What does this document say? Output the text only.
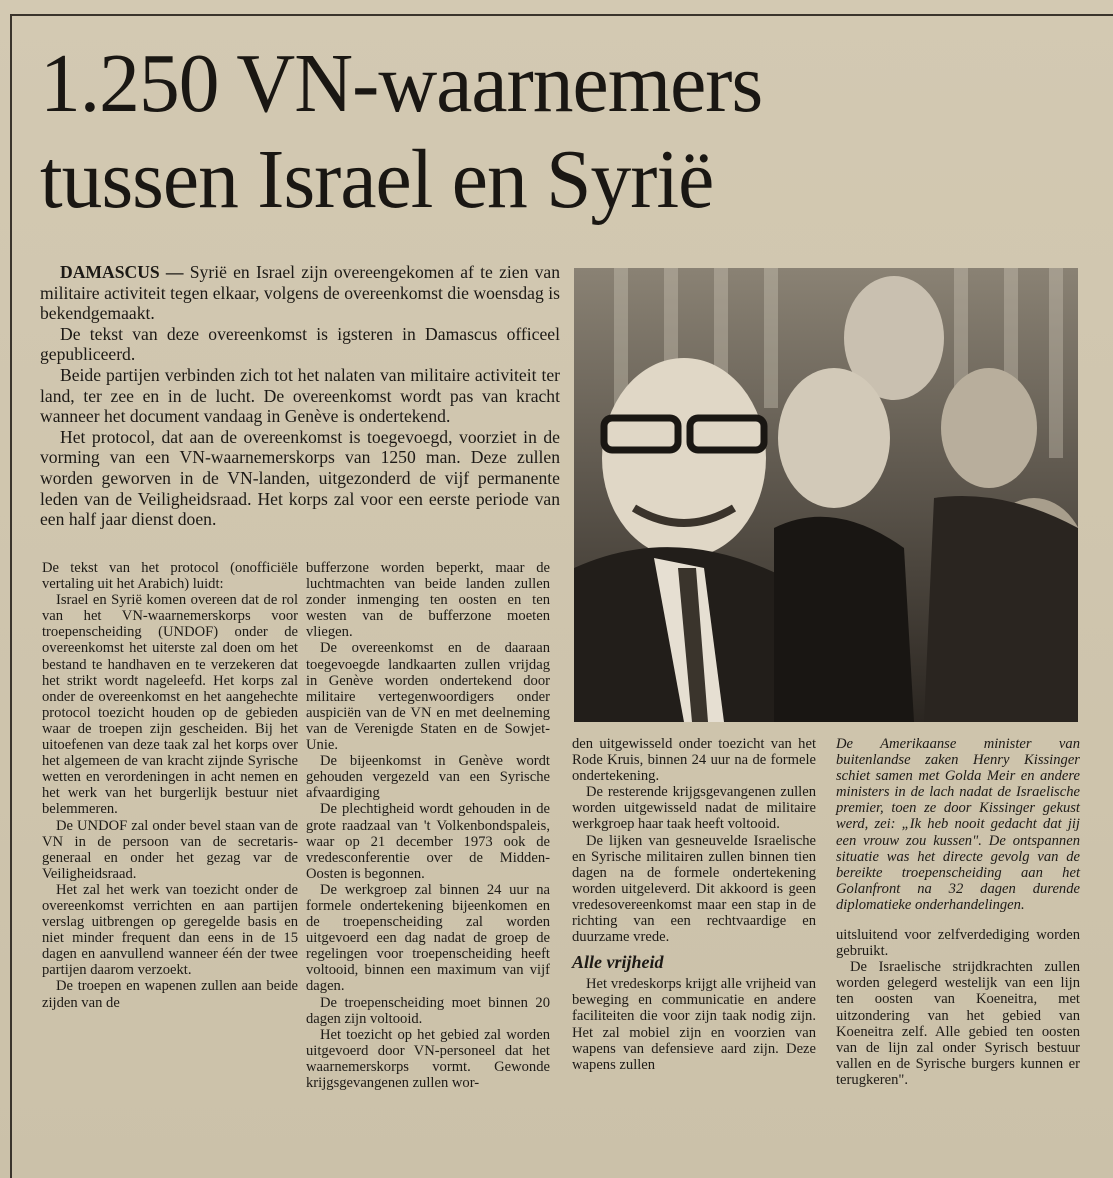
1.250 VN-waarnemers
tussen Israel en Syrië

DAMASCUS — Syrië en Israel zijn overeengekomen af te zien van militaire activiteit tegen elkaar, volgens de overeenkomst die woensdag is bekendgemaakt.

De tekst van deze overeenkomst is igsteren in Damascus officeel gepubliceerd.

Beide partijen verbinden zich tot het nalaten van militaire activiteit ter land, ter zee en in de lucht. De overeenkomst wordt pas van kracht wanneer het document vandaag in Genève is ondertekend.

Het protocol, dat aan de overeenkomst is toegevoegd, voorziet in de vorming van een VN-waarnemerskorps van 1250 man. Deze zullen worden geworven in de VN-landen, uitgezonderd de vijf permanente leden van de Veiligheidsraad. Het korps zal voor een eerste periode van een half jaar dienst doen.

De tekst van het protocol (onofficiële vertaling uit het Arabich) luidt:

Israel en Syrië komen overeen dat de rol van het VN-waarnemerskorps voor troepenscheiding (UNDOF) onder de overeenkomst het uiterste zal doen om het bestand te handhaven en te verzekeren dat het strikt wordt nageleefd. Het korps zal onder de overeenkomst en het aangehechte protocol toezicht houden op de gebieden waar de troepen zijn gescheiden. Bij het uitoefenen van deze taak zal het korps over het algemeen de van kracht zijnde Syrische wetten en verordeningen in acht nemen en het werk van het burgerlijk bestuur niet belemmeren.

De UNDOF zal onder bevel staan van de VN in de persoon van de secretaris-generaal en onder het gezag var de Veiligheidsraad.

Het zal het werk van toezicht onder de overeenkomst verrichten en aan partijen verslag uitbrengen op geregelde basis en niet minder frequent dan eens in de 15 dagen en aanvullend wanneer één der twee partijen daarom verzoekt.

De troepen en wapenen zullen aan beide zijden van de

bufferzone worden beperkt, maar de luchtmachten van beide landen zullen zonder inmenging ten oosten en ten westen van de bufferzone moeten vliegen.

De overeenkomst en de daaraan toegevoegde landkaarten zullen vrijdag in Genève worden ondertekend door militaire vertegenwoordigers onder auspiciën van de VN en met deelneming van de Verenigde Staten en de Sowjet-Unie.

De bijeenkomst in Genève wordt gehouden vergezeld van een Syrische afvaardiging

De plechtigheid wordt gehouden in de grote raadzaal van 't Volkenbondspaleis, waar op 21 december 1973 ook de vredesconferentie over de Midden-Oosten is begonnen.

De werkgroep zal binnen 24 uur na formele ondertekening bijeenkomen en de troepenscheiding zal worden uitgevoerd een dag nadat de groep de regelingen voor troepenscheiding heeft voltooid, binnen een maximum van vijf dagen.

De troepenscheiding moet binnen 20 dagen zijn voltooid.

Het toezicht op het gebied zal worden uitgevoerd door VN-personeel dat het waarnemerskorps vormt. Gewonde krijgsgevangenen zullen wor-

den uitgewisseld onder toezicht van het Rode Kruis, binnen 24 uur na de formele ondertekening.

De resterende krijgsgevangenen zullen worden uitgewisseld nadat de militaire werkgroep haar taak heeft voltooid.

De lijken van gesneuvelde Israelische en Syrische militairen zullen binnen tien dagen na de formele ondertekening worden uitgeleverd. Dit akkoord is geen vredesovereenkomst maar een stap in de richting van een rechtvaardige en duurzame vrede.

Alle vrijheid

Het vredeskorps krijgt alle vrijheid van beweging en communicatie en andere faciliteiten die voor zijn taak nodig zijn. Het zal mobiel zijn en voorzien van wapens van defensieve aard zijn. Deze wapens zullen

De Amerikaanse minister van buitenlandse zaken Henry Kissinger schiet samen met Golda Meir en andere ministers in de lach nadat de Israelische premier, toen ze door Kissinger gekust werd, zei: „Ik heb nooit gedacht dat jij een vrouw zou kussen". De ontspannen situatie was het directe gevolg van de bereikte troepenscheiding aan het Golanfront na 32 dagen durende diplomatieke onderhandelingen.

uitsluitend voor zelfverdediging worden gebruikt.

De Israelische strijdkrachten zullen worden gelegerd westelijk van een lijn ten oosten van Koeneitra, met uitzondering van het gebied van Koeneitra zelf. Alle gebied ten oosten van de lijn zal onder Syrisch bestuur vallen en de Syrische burgers kunnen er terugkeren".
